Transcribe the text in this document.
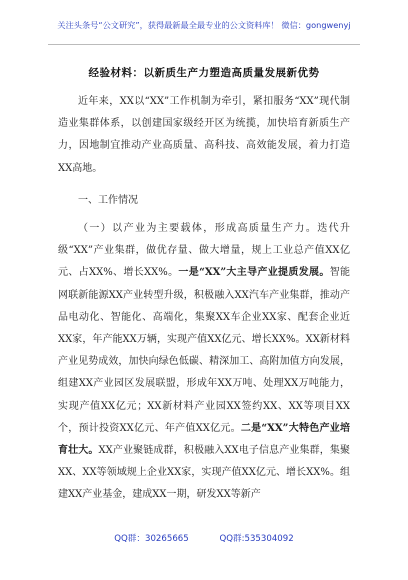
关注头条号“公文研究”，获得最新最全最专业的公文资料库！ 微信：gongwenyj
经验材料：以新质生产力塑造高质量发展新优势
近年来，XX以“XX”工作机制为牵引，紧扣服务“XX”现代制造业集群体系，以创建国家级经开区为统揽，加快培育新质生产力，因地制宜推动产业高质量、高科技、高效能发展，着力打造XX高地。
一、工作情况
（一）以产业为主要载体，形成高质量生产力。迭代升级“XX”产业集群，做优存量、做大增量，规上工业总产值XX亿元、占XX%、增长XX%。一是“XX”大主导产业提质发展。智能网联新能源XX产业转型升级，积极融入XX汽车产业集群，推动产品电动化、智能化、高端化，集聚XX车企业XX家、配套企业近XX家，年产能XX万辆，实现产值XX亿元、增长XX%。XX新材料产业见势成效，加快向绿色低碳、精深加工、高附加值方向发展，组建XX产业园区发展联盟，形成年XX万吨、处理XX万吨能力，实现产值XX亿元；XX新材料产业园XX签约XX、XX等项目XX个，预计投资XX亿元、年产值XX亿元。二是“XX”大特色产业培育壮大。XX产业聚链成群，积极融入XX电子信息产业集群，集聚XX、XX等领域规上企业XX家，实现产值XX亿元、增长XX%。组建XX产业基金，建成XX一期，研发XX等新产
QQ群：30265665	QQ群:535304092
